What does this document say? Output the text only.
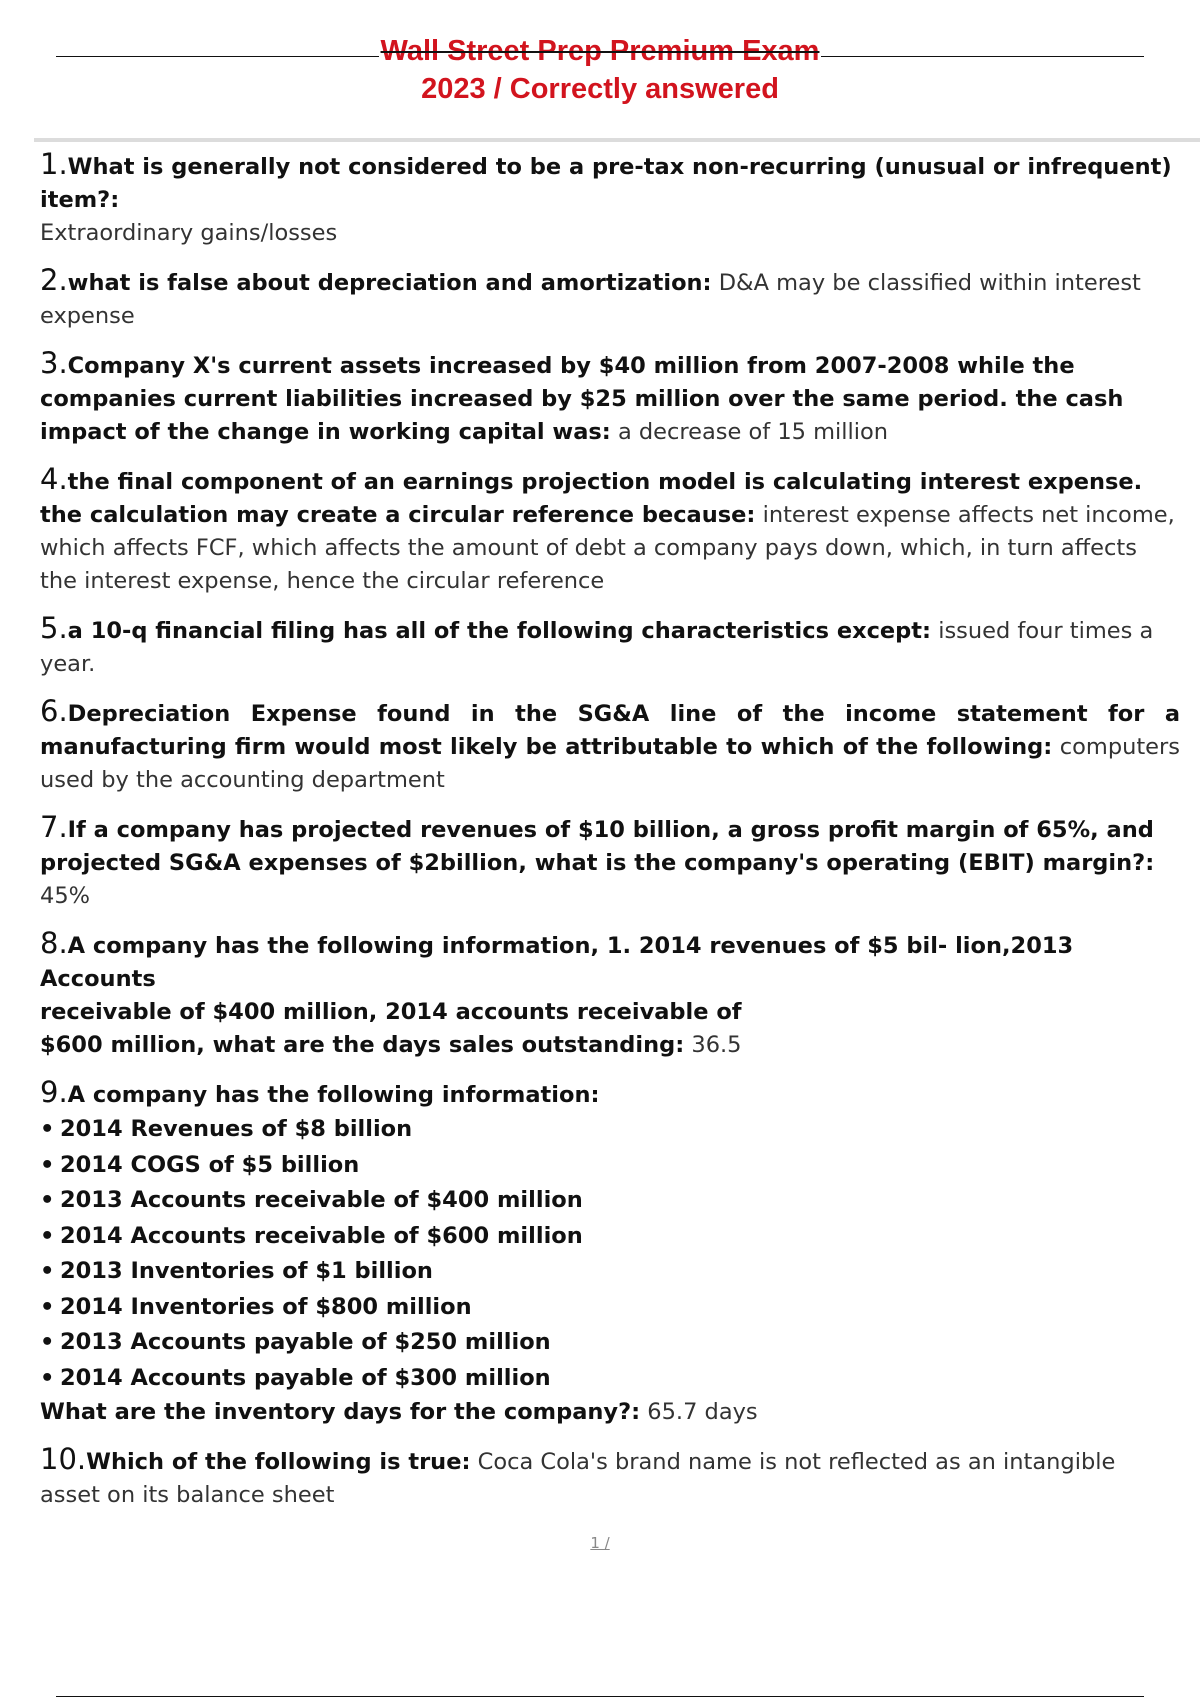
Wall Street Prep Premium Exam
2023 / Correctly answered
1.What is generally not considered to be a pre-tax non-recurring (unusual or infrequent) item?:
Extraordinary gains/losses
2.what is false about depreciation and amortization: D&A may be classified within interest expense
3.Company X's current assets increased by $40 million from 2007-2008 while the companies current liabilities increased by $25 million over the same period. the cash impact of the change in working capital was: a decrease of 15 million
4.the final component of an earnings projection model is calculating interest expense. the calculation may create a circular reference because: interest expense affects net income, which affects FCF, which affects the amount of debt a company pays down, which, in turn affects the interest expense, hence the circular reference
5.a 10-q financial filing has all of the following characteristics except: issued four times a year.
6.Depreciation Expense found in the SG&A line of the income statement for a manufacturing firm would most likely be attributable to which of the following: computers used by the accounting department
7.If a company has projected revenues of $10 billion, a gross profit margin of 65%, and projected SG&A expenses of $2billion, what is the company's operating (EBIT) margin?: 45%
8.A company has the following information, 1. 2014 revenues of $5 bil- lion,2013 Accounts
receivable of $400 million, 2014 accounts receivable of
$600 million, what are the days sales outstanding: 36.5
9.A company has the following information:
• 2014 Revenues of $8 billion
• 2014 COGS of $5 billion
• 2013 Accounts receivable of $400 million
• 2014 Accounts receivable of $600 million
• 2013 Inventories of $1 billion
• 2014 Inventories of $800 million
• 2013 Accounts payable of $250 million
• 2014 Accounts payable of $300 million
What are the inventory days for the company?: 65.7 days
10.Which of the following is true: Coca Cola's brand name is not reflected as an intangible asset on its balance sheet
1 /
